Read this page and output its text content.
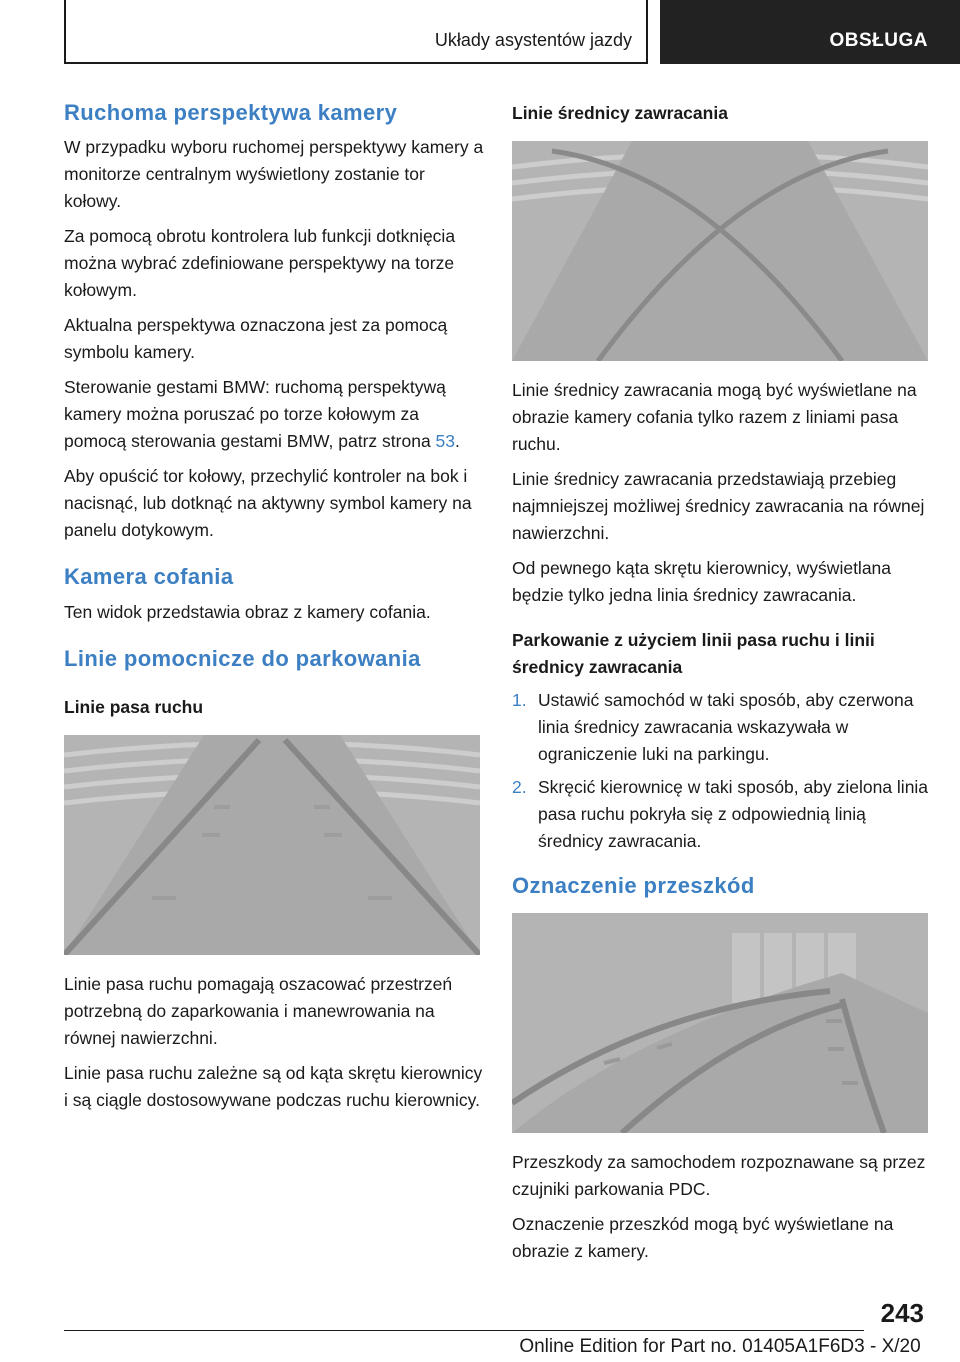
Układy asystentów jazdy	OBSŁUGA
Ruchoma perspektywa kamery

W przypadku wyboru ruchomej perspektywy kamery a monitorze centralnym wyświetlony zostanie tor kołowy.

Za pomocą obrotu kontrolera lub funkcji dotknięcia można wybrać zdefiniowane perspektywy na torze kołowym.

Aktualna perspektywa oznaczona jest za pomocą symbolu kamery.

Sterowanie gestami BMW: ruchomą perspektywą kamery można poruszać po torze kołowym za pomocą sterowania gestami BMW, patrz strona 53.

Aby opuścić tor kołowy, przechylić kontroler na bok i nacisnąć, lub dotknąć na aktywny symbol kamery na panelu dotykowym.

Kamera cofania

Ten widok przedstawia obraz z kamery cofania.

Linie pomocnicze do parkowania
Linie pasa ruchu

Linie pasa ruchu pomagają oszacować przestrzeń potrzebną do zaparkowania i manewrowania na równej nawierzchni.

Linie pasa ruchu zależne są od kąta skrętu kierownicy i są ciągle dostosowywane podczas ruchu kierownicy.

Linie średnicy zawracania

Linie średnicy zawracania mogą być wyświetlane na obrazie kamery cofania tylko razem z liniami pasa ruchu.

Linie średnicy zawracania przedstawiają przebieg najmniejszej możliwej średnicy zawracania na równej nawierzchni.

Od pewnego kąta skrętu kierownicy, wyświetlana będzie tylko jedna linia średnicy zawracania.

Parkowanie z użyciem linii pasa ruchu i linii średnicy zawracania
1. Ustawić samochód w taki sposób, aby czerwona linia średnicy zawracania wskazywała w ograniczenie luki na parkingu.
2. Skręcić kierownicę w taki sposób, aby zielona linia pasa ruchu pokryła się z odpowiednią linią średnicy zawracania.
Oznaczenie przeszkód

Przeszkody za samochodem rozpoznawane są przez czujniki parkowania PDC.

Oznaczenie przeszkód mogą być wyświetlane na obrazie z kamery.

243
Online Edition for Part no. 01405A1F6D3 - X/20
